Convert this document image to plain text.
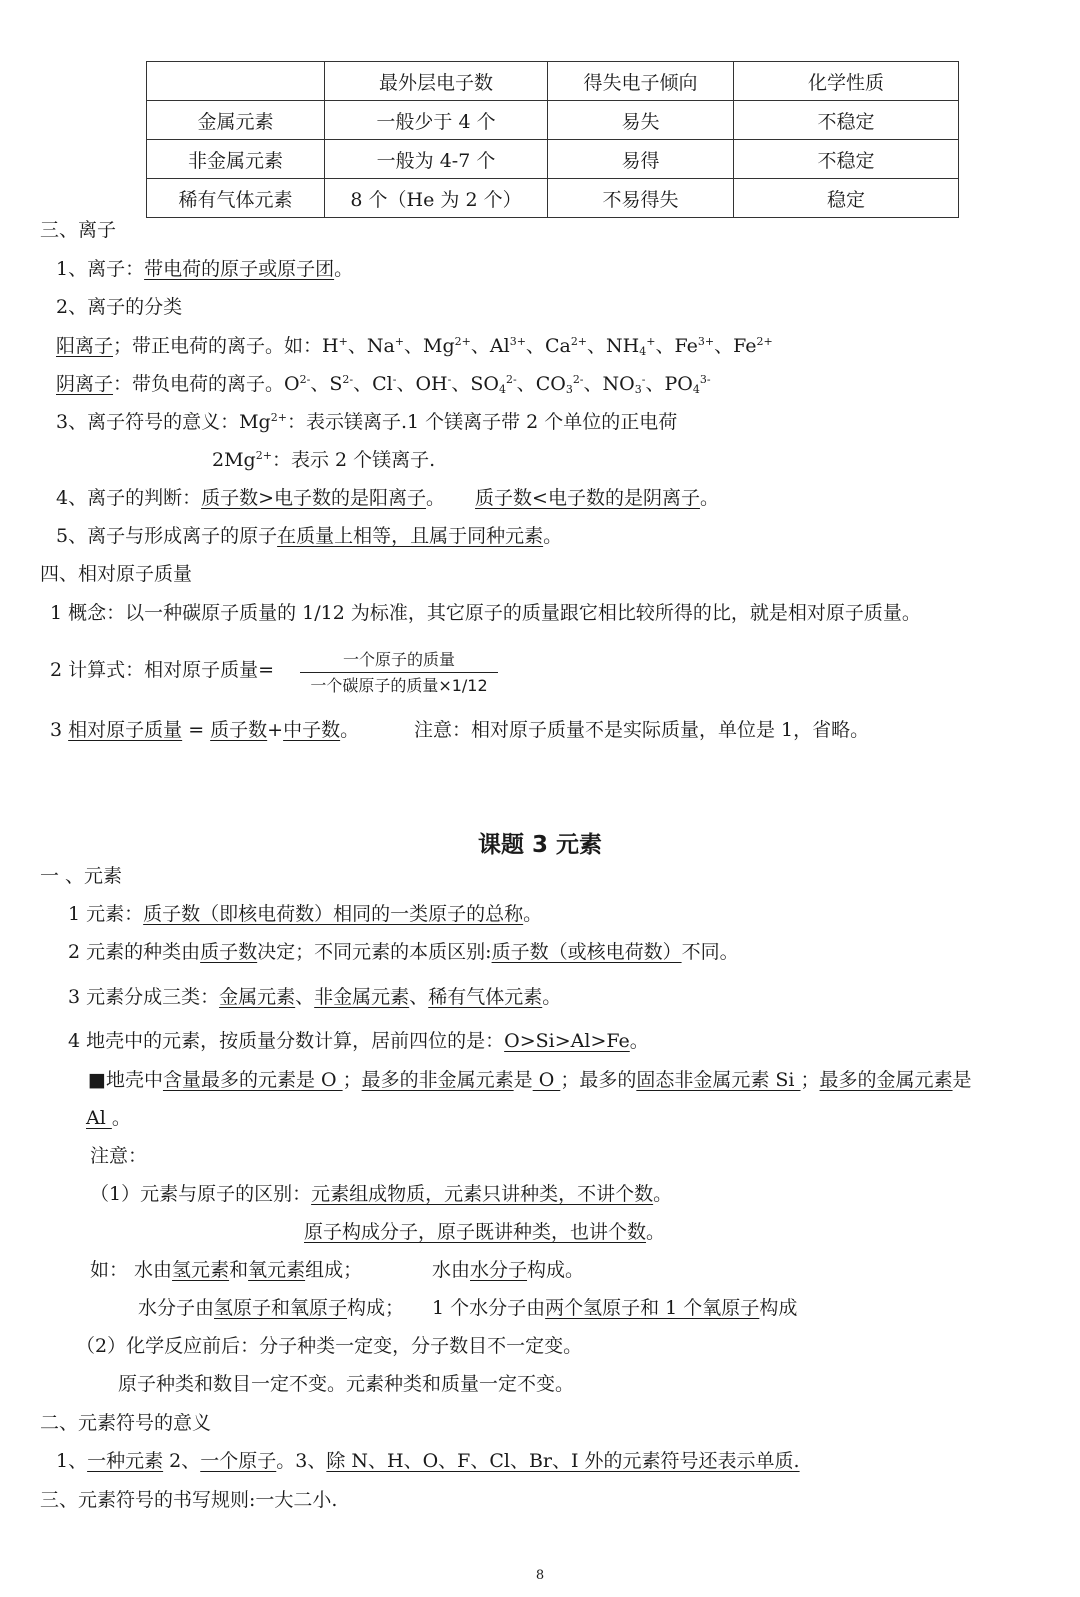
	最外层电子数	得失电子倾向	化学性质
金属元素	一般少于 4 个	易失	不稳定
非金属元素	一般为 4-7 个	易得	不稳定
稀有气体元素	8 个（He 为 2 个）	不易得失	稳定
三、离子
1、离子：带电荷的原子或原子团。
2、离子的分类
阳离子；带正电荷的离子。如：H+、Na+、$Mg^{2+}$、$Al^{3+}$、$Ca^{2+}$、$NH_4^+$、$Fe^{3+}$、$Fe^{2+}$
阴离子：带负电荷的离子。$O^{2-}$、$S^{2-}$、Cl-、OH-、$SO_4^{2-}$、$CO_3^{2-}$、$NO_3^-$、$PO_4^{3-}$
3、离子符号的意义：$Mg^{2+}$：表示镁离子.1 个镁离子带 2 个单位的正电荷
$2Mg^{2+}$：表示 2 个镁离子.
4、离子的判断：质子数>电子数的是阳离子。 质子数<电子数的是阴离子。
5、离子与形成离子的原子在质量上相等，且属于同种元素。
四、相对原子质量
1 概念：以一种碳原子质量的 1/12 为标准，其它原子的质量跟它相比较所得的比，就是相对原子质量。
2 计算式：相对原子质量=	一个原子的质量
一个碳原子的质量×1/12
3 相对原子质量 = 质子数+中子数。	注意：相对原子质量不是实际质量，单位是 1，省略。
课题 3 元素
一 、元素
1 元素：质子数（即核电荷数）相同的一类原子的总称。
2 元素的种类由质子数决定；不同元素的本质区别:质子数（或核电荷数）不同。
3 元素分成三类：金属元素、非金属元素、稀有气体元素。
4 地壳中的元素，按质量分数计算，居前四位的是：O>Si>Al>Fe。
■地壳中含量最多的元素是 O ；最多的非金属元素是 O ；最多的固态非金属元素 Si ；最多的金属元素是
Al 。
注意：
（1）元素与原子的区别：元素组成物质，元素只讲种类，不讲个数。
原子构成分子，原子既讲种类，也讲个数。
如： 水由氢元素和氧元素组成；	水由水分子构成。
水分子由氢原子和氧原子构成； 1 个水分子由两个氢原子和 1 个氧原子构成
（2）化学反应前后：分子种类一定变，分子数目不一定变。
原子种类和数目一定不变。元素种类和质量一定不变。
二、元素符号的意义
1、一种元素 2、一个原子。3、除 N、H、O、F、Cl、Br、I 外的元素符号还表示单质.
三、元素符号的书写规则:一大二小.
8
